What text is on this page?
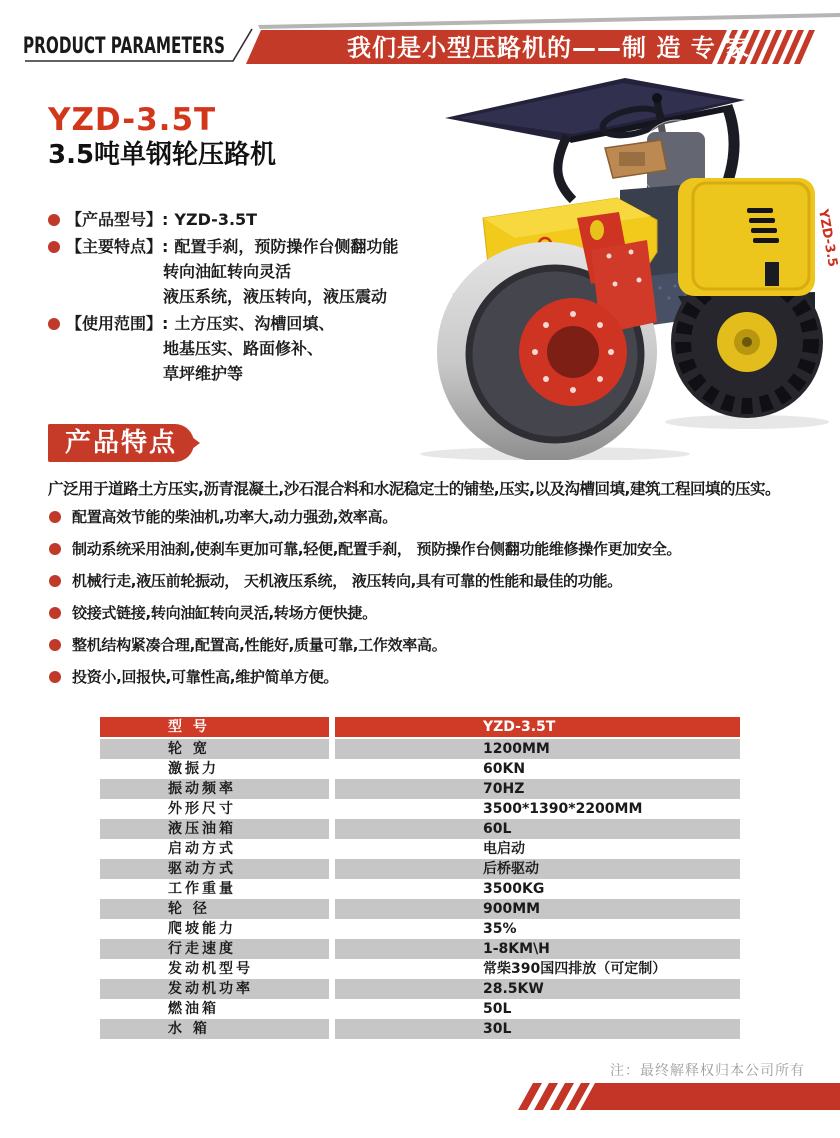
PRODUCT PARAMETERS	我们是小型压路机的——制 造 专 家
YZD-3.5T
3.5吨单钢轮压路机
【产品型号】: YZD-3.5T
【主要特点】: 配置手刹，预防操作台侧翻功能
转向油缸转向灵活
液压系统，液压转向，液压震动
【使用范围】: 土方压实、沟槽回填、
地基压实、路面修补、
草坪维护等
YZD-3.5
产品特点
广泛用于道路土方压实,沥青混凝土,沙石混合料和水泥稳定士的铺垫,压实,以及沟槽回填,建筑工程回填的压实。
配置高效节能的柴油机,功率大,动力强劲,效率高。
制动系统采用油刹,使刹车更加可靠,轻便,配置手刹， 预防操作台侧翻功能维修操作更加安全。
机械行走,液压前轮振动， 天机液压系统， 液压转向,具有可靠的性能和最佳的功能。
铰接式链接,转向油缸转向灵活,转场方便快捷。
整机结构紧凑合理,配置高,性能好,质量可靠,工作效率高。
投资小,回报快,可靠性高,维护简单方便。
型 号	YZD-3.5T
轮 宽	1200MM
激振力	60KN
振动频率	70HZ
外形尺寸	3500*1390*2200MM
液压油箱	60L
启动方式	电启动
驱动方式	后桥驱动
工作重量	3500KG
轮 径	900MM
爬坡能力	35%
行走速度	1-8KM\H
发动机型号	常柴390国四排放（可定制）
发动机功率	28.5KW
燃油箱	50L
水 箱	30L
注：最终解释权归本公司所有
